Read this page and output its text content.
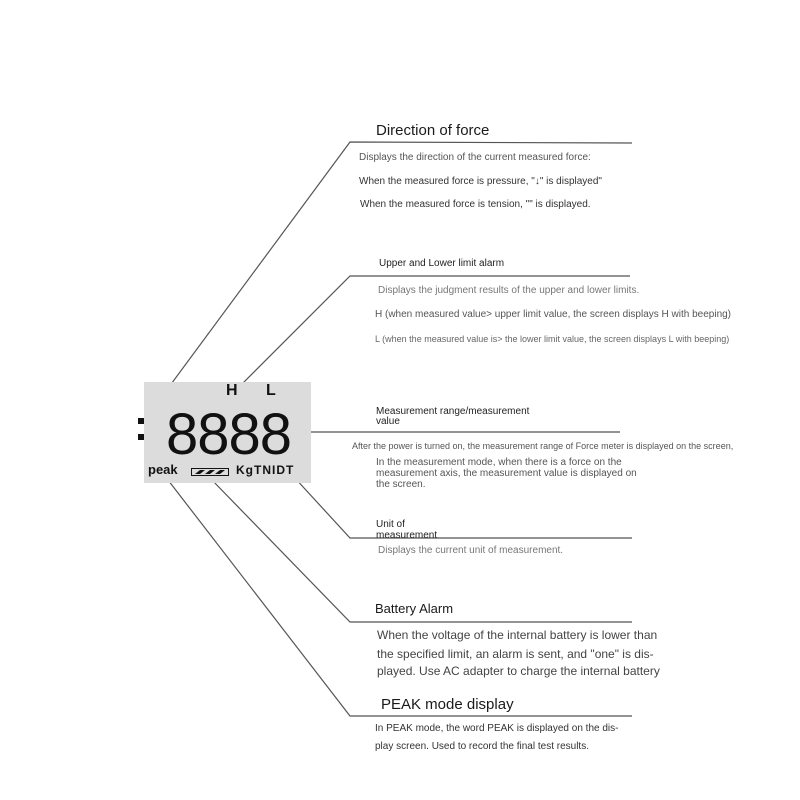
H L
8888
peak	KgTNIDT
Direction of force
Displays the direction of the current measured force:
When the measured force is pressure, "↓" is displayed"
When the measured force is tension, "" is displayed.
Upper and Lower limit alarm
Displays the judgment results of the upper and lower limits.
H (when measured value> upper limit value, the screen displays H with beeping)
L (when the measured value is> the lower limit value, the screen displays L with beeping)
Measurement range/measurement value
After the power is turned on, the measurement range of Force meter is displayed on the screen,
In the measurement mode, when there is a force on the measurement axis, the measurement value is displayed on the screen.
Unit of measurement
Displays the current unit of measurement.
Battery Alarm
When the voltage of the internal battery is lower than
the specified limit, an alarm is sent, and "one" is dis-
played. Use AC adapter to charge the internal battery
PEAK mode display
In PEAK mode, the word PEAK is displayed on the dis-
play screen. Used to record the final test results.
